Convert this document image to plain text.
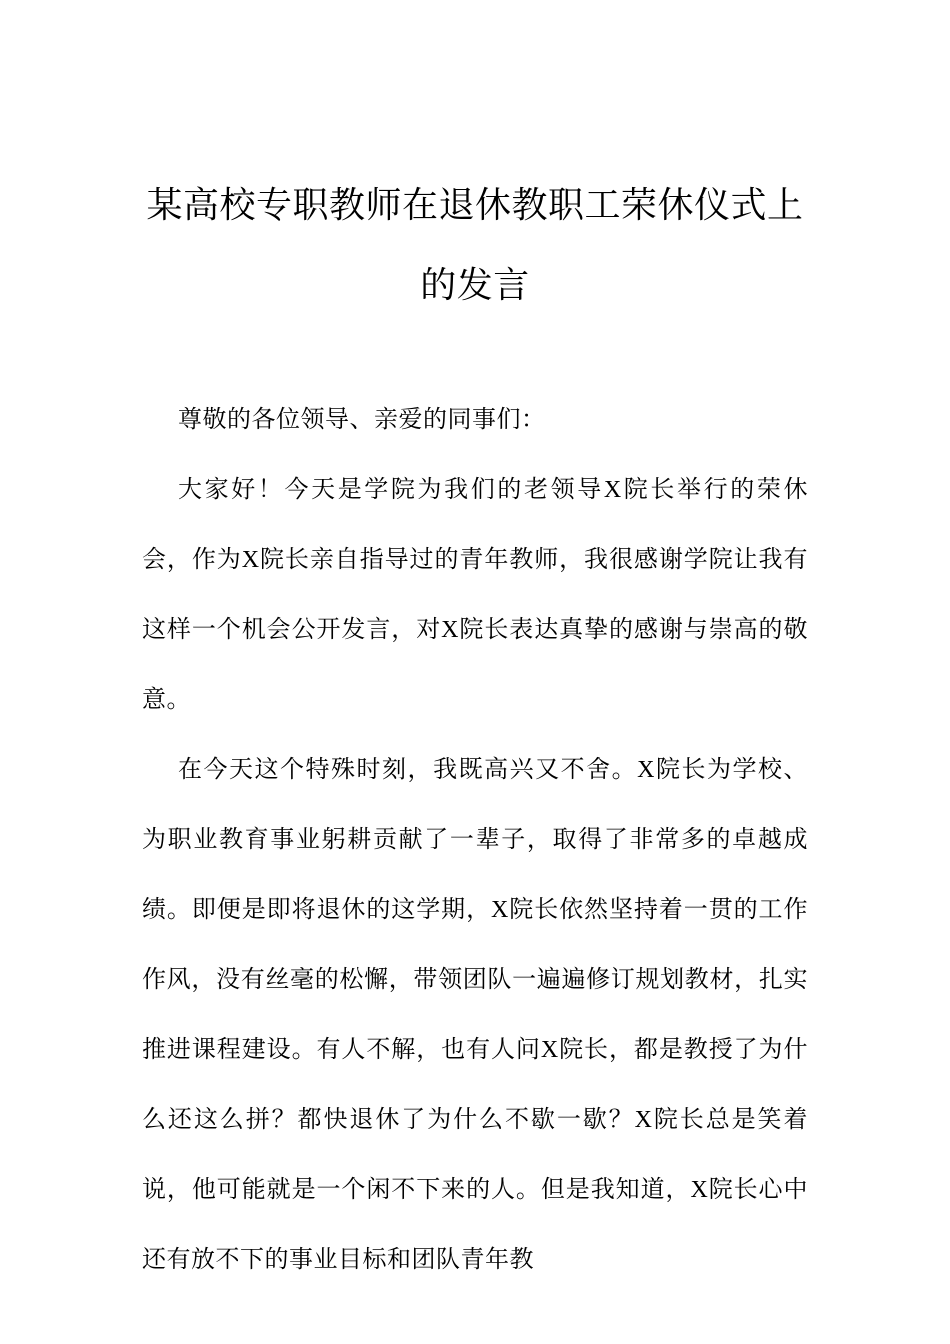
某高校专职教师在退休教职工荣休仪式上的发言

尊敬的各位领导、亲爱的同事们：

大家好！今天是学院为我们的老领导X院长举行的荣休会，作为X院长亲自指导过的青年教师，我很感谢学院让我有这样一个机会公开发言，对X院长表达真挚的感谢与崇高的敬意。

在今天这个特殊时刻，我既高兴又不舍。X院长为学校、为职业教育事业躬耕贡献了一辈子，取得了非常多的卓越成绩。即便是即将退休的这学期，X院长依然坚持着一贯的工作作风，没有丝毫的松懈，带领团队一遍遍修订规划教材，扎实推进课程建设。有人不解，也有人问X院长，都是教授了为什么还这么拼？都快退休了为什么不歇一歇？X院长总是笑着说，他可能就是一个闲不下来的人。但是我知道，X院长心中还有放不下的事业目标和团队青年教
